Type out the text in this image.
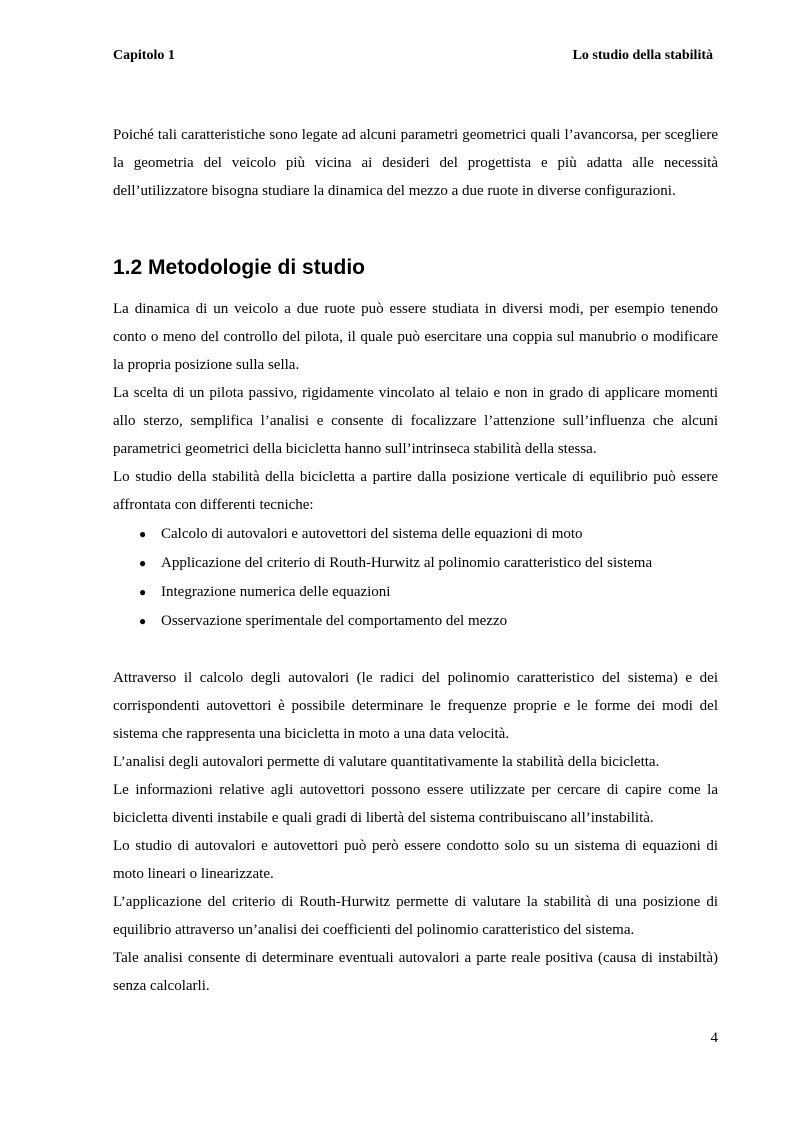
Capitolo 1	Lo studio della stabilità

Poiché tali caratteristiche sono legate ad alcuni parametri geometrici quali l’avancorsa, per scegliere la geometria del veicolo più vicina ai desideri del progettista e più adatta alle necessità dell’utilizzatore bisogna studiare la dinamica del mezzo a due ruote in diverse configurazioni.

1.2 Metodologie di studio

La dinamica di un veicolo a due ruote può essere studiata in diversi modi, per esempio tenendo conto o meno del controllo del pilota, il quale può esercitare una coppia sul manubrio o modificare la propria posizione sulla sella.

La scelta di un pilota passivo, rigidamente vincolato al telaio e non in grado di applicare momenti allo sterzo, semplifica l’analisi e consente di focalizzare l’attenzione sull’influenza che alcuni parametrici geometrici della bicicletta hanno sull’intrinseca stabilità della stessa.

Lo studio della stabilità della bicicletta a partire dalla posizione verticale di equilibrio può essere affrontata con differenti tecniche:

● Calcolo di autovalori e autovettori del sistema delle equazioni di moto
● Applicazione del criterio di Routh-Hurwitz al polinomio caratteristico del sistema
● Integrazione numerica delle equazioni
● Osservazione sperimentale del comportamento del mezzo

Attraverso il calcolo degli autovalori (le radici del polinomio caratteristico del sistema) e dei corrispondenti autovettori è possibile determinare le frequenze proprie e le forme dei modi del sistema che rappresenta una bicicletta in moto a una data velocità.

L’analisi degli autovalori permette di valutare quantitativamente la stabilità della bicicletta.

Le informazioni relative agli autovettori possono essere utilizzate per cercare di capire come la bicicletta diventi instabile e quali gradi di libertà del sistema contribuiscano all’instabilità.

Lo studio di autovalori e autovettori può però essere condotto solo su un sistema di equazioni di moto lineari o linearizzate.

L’applicazione del criterio di Routh-Hurwitz permette di valutare la stabilità di una posizione di equilibrio attraverso un’analisi dei coefficienti del polinomio caratteristico del sistema.

Tale analisi consente di determinare eventuali autovalori a parte reale positiva (causa di instabiltà) senza calcolarli.

4
